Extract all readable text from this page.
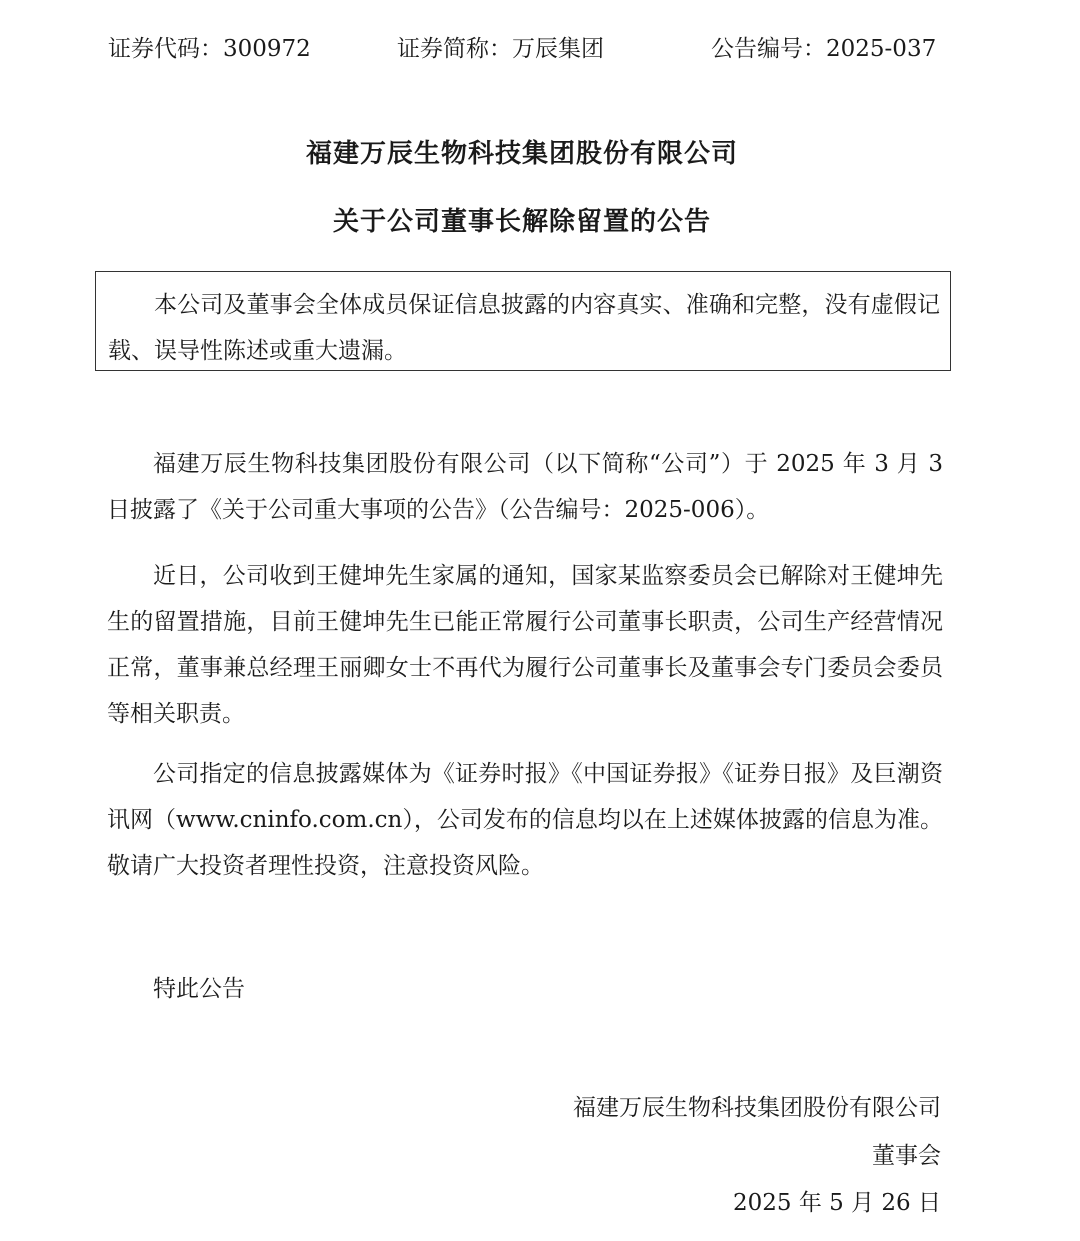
证券代码：300972	证券简称：万辰集团	公告编号：2025-037
福建万辰生物科技集团股份有限公司
关于公司董事长解除留置的公告

本公司及董事会全体成员保证信息披露的内容真实、准确和完整，没有虚假记载、误导性陈述或重大遗漏。

福建万辰生物科技集团股份有限公司（以下简称“公司”）于 2025 年 3 月 3 日披露了《关于公司重大事项的公告》（公告编号：2025-006）。

近日，公司收到王健坤先生家属的通知，国家某监察委员会已解除对王健坤先生的留置措施，目前王健坤先生已能正常履行公司董事长职责，公司生产经营情况正常，董事兼总经理王丽卿女士不再代为履行公司董事长及董事会专门委员会委员等相关职责。

公司指定的信息披露媒体为《证券时报》《中国证券报》《证券日报》及巨潮资讯网（www.cninfo.com.cn），公司发布的信息均以在上述媒体披露的信息为准。敬请广大投资者理性投资，注意投资风险。

特此公告

福建万辰生物科技集团股份有限公司
董事会
2025 年 5 月 26 日
